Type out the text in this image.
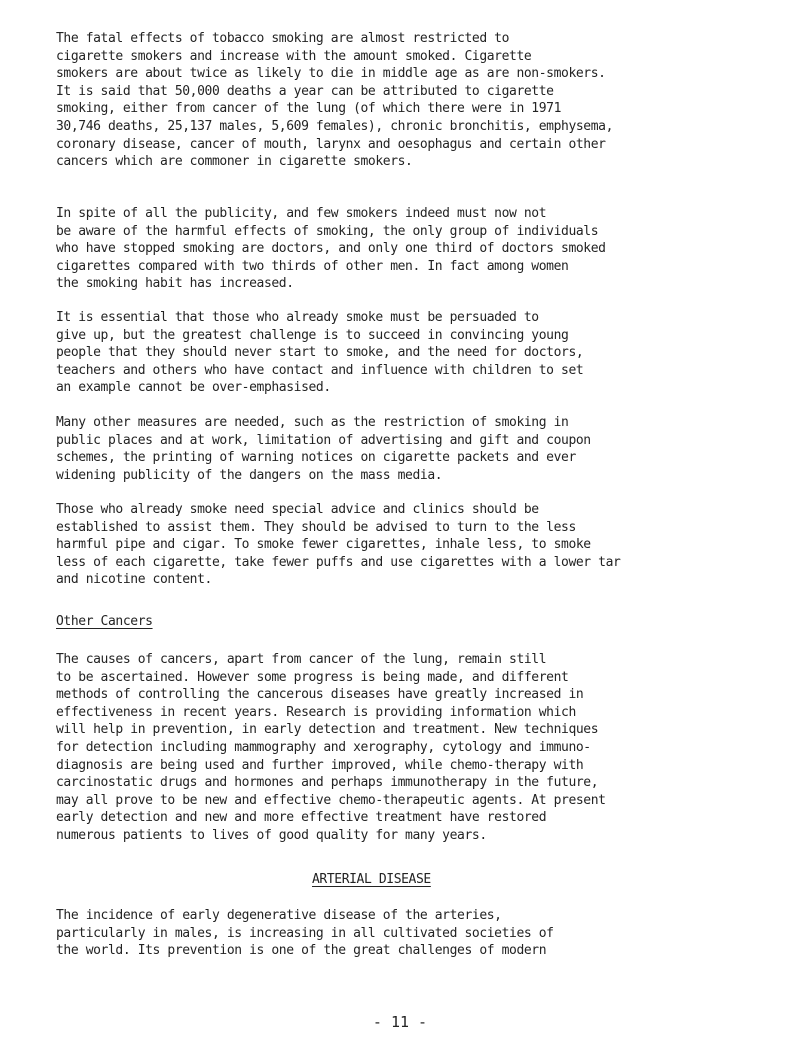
The fatal effects of tobacco smoking are almost restricted to
cigarette smokers and increase with the amount smoked. Cigarette
smokers are about twice as likely to die in middle age as are non-smokers.
It is said that 50,000 deaths a year can be attributed to cigarette
smoking, either from cancer of the lung (of which there were in 1971
30,746 deaths, 25,137 males, 5,609 females), chronic bronchitis, emphysema,
coronary disease, cancer of mouth, larynx and oesophagus and certain other
cancers which are commoner in cigarette smokers.

In spite of all the publicity, and few smokers indeed must now not
be aware of the harmful effects of smoking, the only group of individuals
who have stopped smoking are doctors, and only one third of doctors smoked
cigarettes compared with two thirds of other men. In fact among women
the smoking habit has increased.

It is essential that those who already smoke must be persuaded to
give up, but the greatest challenge is to succeed in convincing young
people that they should never start to smoke, and the need for doctors,
teachers and others who have contact and influence with children to set
an example cannot be over-emphasised.

Many other measures are needed, such as the restriction of smoking in
public places and at work, limitation of advertising and gift and coupon
schemes, the printing of warning notices on cigarette packets and ever
widening publicity of the dangers on the mass media.

Those who already smoke need special advice and clinics should be
established to assist them. They should be advised to turn to the less
harmful pipe and cigar. To smoke fewer cigarettes, inhale less, to smoke
less of each cigarette, take fewer puffs and use cigarettes with a lower tar
and nicotine content.

Other Cancers

The causes of cancers, apart from cancer of the lung, remain still
to be ascertained. However some progress is being made, and different
methods of controlling the cancerous diseases have greatly increased in
effectiveness in recent years. Research is providing information which
will help in prevention, in early detection and treatment. New techniques
for detection including mammography and xerography, cytology and immuno-
diagnosis are being used and further improved, while chemo-therapy with
carcinostatic drugs and hormones and perhaps immunotherapy in the future,
may all prove to be new and effective chemo-therapeutic agents. At present
early detection and new and more effective treatment have restored
numerous patients to lives of good quality for many years.

ARTERIAL DISEASE

The incidence of early degenerative disease of the arteries,
particularly in males, is increasing in all cultivated societies of
the world. Its prevention is one of the great challenges of modern

- 11 -
